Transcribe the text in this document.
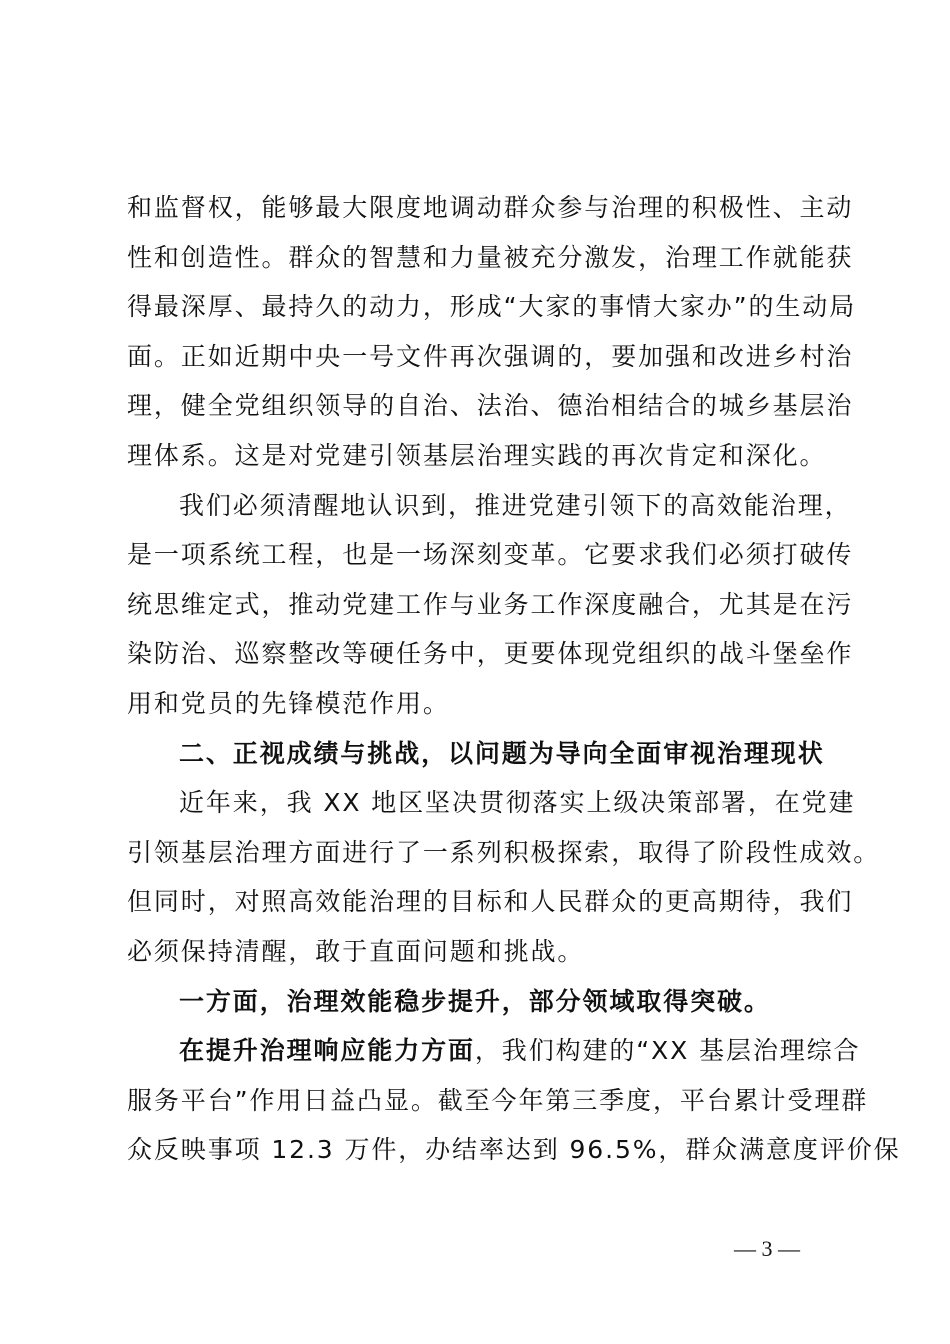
和监督权，能够最大限度地调动群众参与治理的积极性、主动
性和创造性。群众的智慧和力量被充分激发，治理工作就能获
得最深厚、最持久的动力，形成“大家的事情大家办”的生动局
面。正如近期中央一号文件再次强调的，要加强和改进乡村治
理，健全党组织领导的自治、法治、德治相结合的城乡基层治
理体系。这是对党建引领基层治理实践的再次肯定和深化。
我们必须清醒地认识到，推进党建引领下的高效能治理，
是一项系统工程，也是一场深刻变革。它要求我们必须打破传
统思维定式，推动党建工作与业务工作深度融合，尤其是在污
染防治、巡察整改等硬任务中，更要体现党组织的战斗堡垒作
用和党员的先锋模范作用。
二、正视成绩与挑战，以问题为导向全面审视治理现状
近年来，我 XX 地区坚决贯彻落实上级决策部署，在党建
引领基层治理方面进行了一系列积极探索，取得了阶段性成效。
但同时，对照高效能治理的目标和人民群众的更高期待，我们
必须保持清醒，敢于直面问题和挑战。
一方面，治理效能稳步提升，部分领域取得突破。
在提升治理响应能力方面，我们构建的“XX 基层治理综合
服务平台”作用日益凸显。截至今年第三季度，平台累计受理群
众反映事项 12.3 万件，办结率达到 96.5%，群众满意度评价保
— 3 —
